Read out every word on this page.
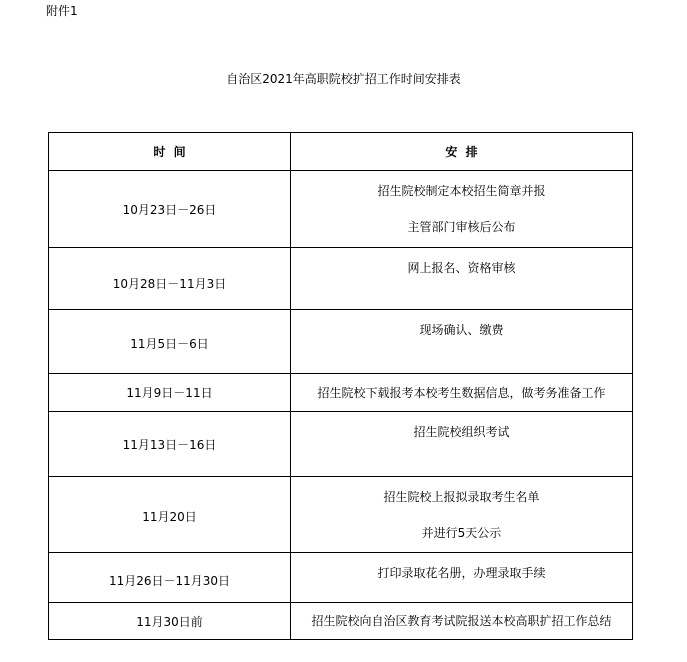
附件1
自治区2021年高职院校扩招工作时间安排表
时  间	安  排
10月23日－26日	招生院校制定本校招生简章并报
主管部门审核后公布

10月28日－11月3日	网上报名、资格审核

11月5日－6日	现场确认、缴费

11月9日－11日	招生院校下载报考本校考生数据信息，做考务准备工作

11月13日－16日	招生院校组织考试

11月20日	招生院校上报拟录取考生名单
并进行5天公示

11月26日－11月30日	打印录取花名册，办理录取手续

11月30日前	招生院校向自治区教育考试院报送本校高职扩招工作总结
